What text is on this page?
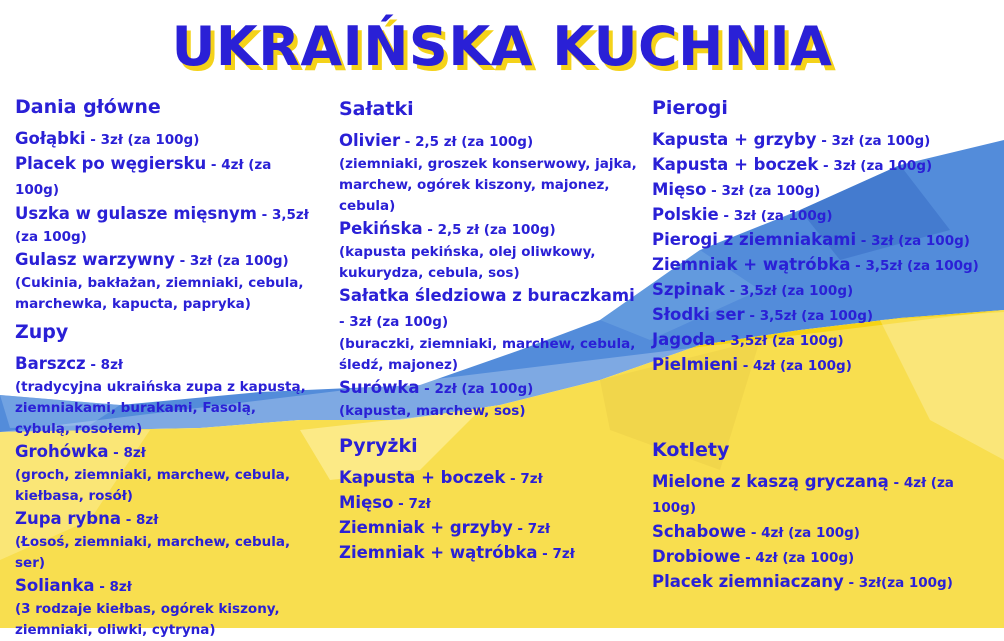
UKRAIŃSKA KUCHNIA
Dania główne
Gołąbki - 3zł (za 100g)
Placek po węgiersku - 4zł (za 100g)
Uszka w gulasze mięsnym - 3,5zł
(za 100g)
Gulasz warzywny - 3zł (za 100g)
(Cukinia, bakłażan, ziemniaki, cebula, marchewka, kapucta, papryka)
Zupy
Barszcz - 8zł
(tradycyjna ukraińska zupa z kapustą, ziemniakami, burakami, Fasolą, cybulą, rosołem)
Grohówka - 8zł
(groch, ziemniaki, marchew, cebula, kiełbasa, rosół)
Zupa rybna - 8zł
(Łosoś, ziemniaki, marchew, cebula, ser)
Solianka - 8zł
(3 rodzaje kiełbas, ogórek kiszony, ziemniaki, oliwki, cytryna)
Sałatki
Olivier - 2,5 zł (za 100g)
(ziemniaki, groszek konserwowy, jajka, marchew, ogórek kiszony, majonez, cebula)
Pekińska - 2,5 zł (za 100g)
(kapusta pekińska, olej oliwkowy, kukurydza, cebula, sos)
Sałatka śledziowa z buraczkami - 3zł (za 100g)
(buraczki, ziemniaki, marchew, cebula, śledź, majonez)
Surówka - 2zł (za 100g)
(kapusta, marchew, sos)
Pyryżki
Kapusta + boczek - 7zł
Mięso - 7zł
Ziemniak + grzyby - 7zł
Ziemniak + wątróbka - 7zł
Pierogi
Kapusta + grzyby - 3zł (za 100g)
Kapusta + boczek - 3zł (za 100g)
Mięso - 3zł (za 100g)
Polskie - 3zł (za 100g)
Pierogi z ziemniakami - 3zł (za 100g)
Ziemniak + wątróbka - 3,5zł (za 100g)
Szpinak - 3,5zł (za 100g)
Słodki ser - 3,5zł (za 100g)
Jagoda - 3,5zł (za 100g)
Pielmieni - 4zł (za 100g)
Kotlety
Mielone z kaszą gryczaną - 4zł (za 100g)
Schabowe - 4zł (za 100g)
Drobiowe - 4zł (za 100g)
Placek ziemniaczany - 3zł(za 100g)
